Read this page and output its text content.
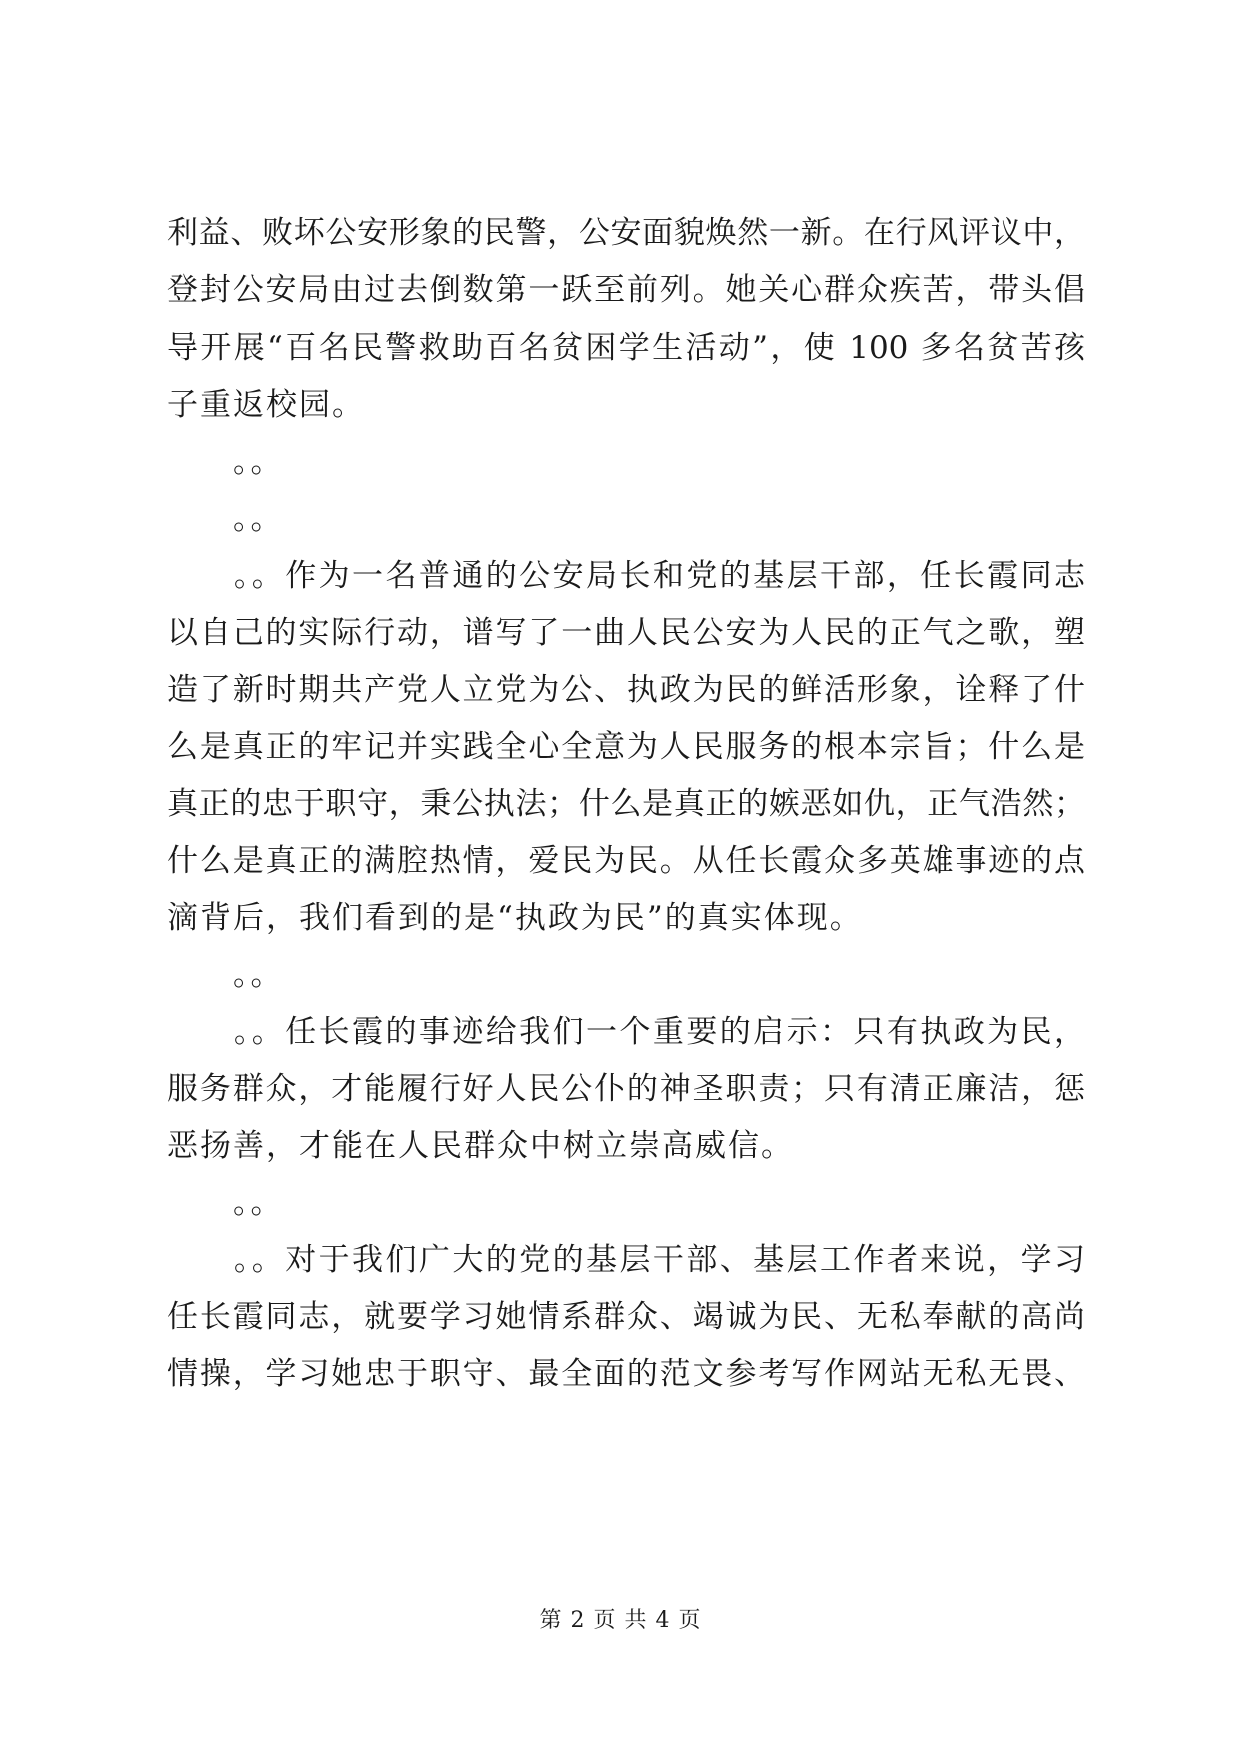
利益、败坏公安形象的民警，公安面貌焕然一新。在行风评议中，
登封公安局由过去倒数第一跃至前列。她关心群众疾苦，带头倡
导开展“百名民警救助百名贫困学生活动”，使 100 多名贫苦孩
子重返校园。
　　。。
　　。。
　　。。作为一名普通的公安局长和党的基层干部，任长霞同志
以自己的实际行动，谱写了一曲人民公安为人民的正气之歌，塑
造了新时期共产党人立党为公、执政为民的鲜活形象，诠释了什
么是真正的牢记并实践全心全意为人民服务的根本宗旨；什么是
真正的忠于职守，秉公执法；什么是真正的嫉恶如仇，正气浩然；
什么是真正的满腔热情，爱民为民。从任长霞众多英雄事迹的点
滴背后，我们看到的是“执政为民”的真实体现。
　　。。
　　。。任长霞的事迹给我们一个重要的启示：只有执政为民，
服务群众，才能履行好人民公仆的神圣职责；只有清正廉洁，惩
恶扬善，才能在人民群众中树立崇高威信。
　　。。
　　。。对于我们广大的党的基层干部、基层工作者来说，学习
任长霞同志，就要学习她情系群众、竭诚为民、无私奉献的高尚
情操，学习她忠于职守、最全面的范文参考写作网站无私无畏、
第 2 页 共 4 页
